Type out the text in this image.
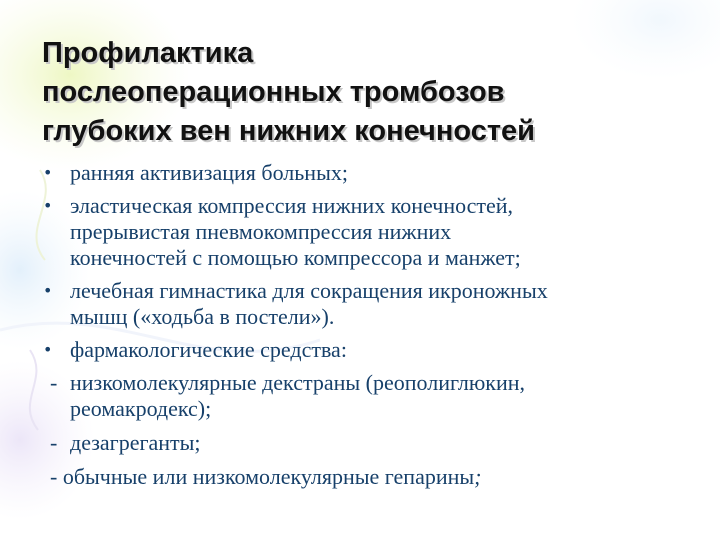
Профилактика
послеоперационных тромбозов
глубоких вен нижних конечностей
• ранняя активизация больных;
• эластическая компрессия нижних конечностей,
прерывистая пневмокомпрессия нижних
конечностей с помощью компрессора и манжет;
• лечебная гимнастика для сокращения икроножных
мышц («ходьба в постели»).
• фармакологические средства:
- низкомолекулярные декстраны (реополиглюкин,
реомакродекс);
- дезагреганты;
- обычные или низкомолекулярные гепарины;
